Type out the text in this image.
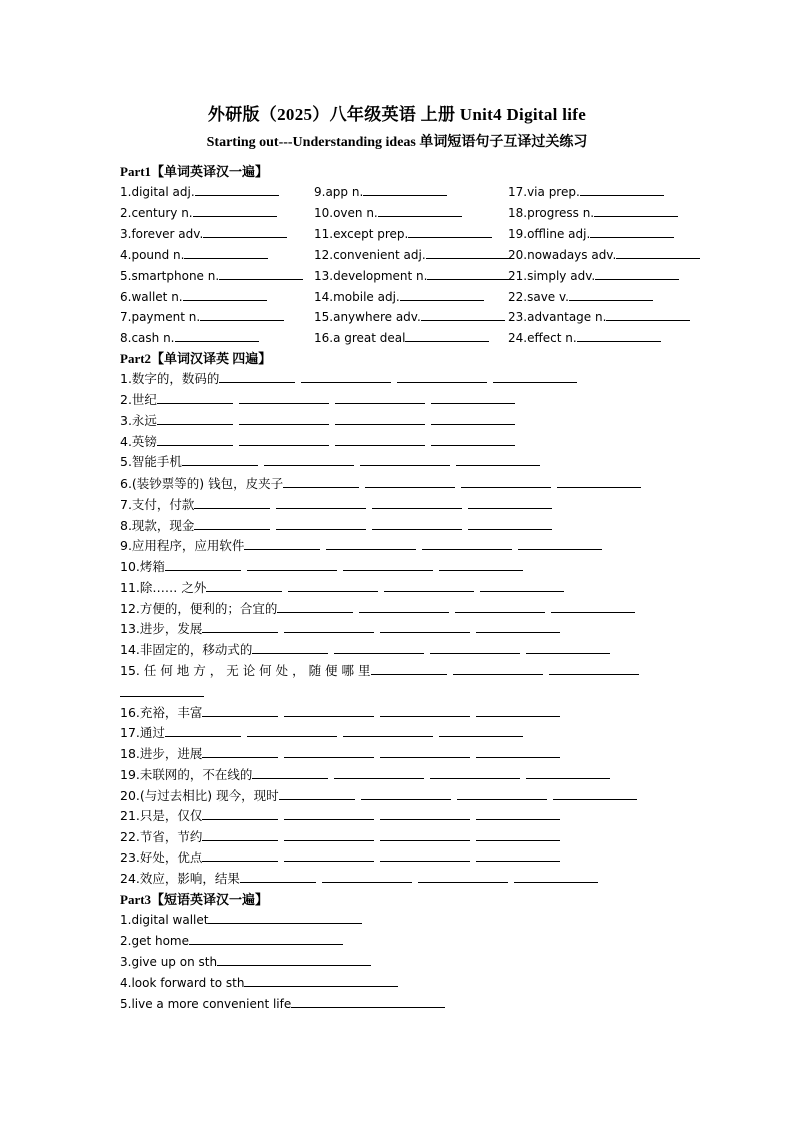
外研版（2025）八年级英语 上册 Unit4 Digital life
Starting out---Understanding ideas 单词短语句子互译过关练习
Part1【单词英译汉一遍】
1.digital adj.	9.app n.	17.via prep.
2.century n.	10.oven n.	18.progress n.
3.forever adv.	11.except prep.	19.offline adj.
4.pound n.	12.convenient adj.	20.nowadays adv.
5.smartphone n.	13.development n.	21.simply adv.
6.wallet n.	14.mobile adj.	22.save v.
7.payment n.	15.anywhere adv.	23.advantage n.
8.cash n.	16.a great deal	24.effect n.
Part2【单词汉译英 四遍】
1.数字的，数码的
2.世纪
3.永远
4.英镑
5.智能手机
6.(装钞票等的) 钱包，皮夹子
7.支付，付款
8.现款，现金
9.应用程序，应用软件
10.烤箱
11.除…… 之外
12.方便的，便利的；合宜的
13.进步，发展
14.非固定的，移动式的
15. 任 何 地 方 ， 无 论 何 处 ， 随 便 哪 里
16.充裕，丰富
17.通过
18.进步，进展
19.未联网的，不在线的
20.(与过去相比) 现今，现时
21.只是，仅仅
22.节省，节约
23.好处，优点
24.效应，影响，结果
Part3【短语英译汉一遍】
1.digital wallet
2.get home
3.give up on sth
4.look forward to sth
5.live a more convenient life
